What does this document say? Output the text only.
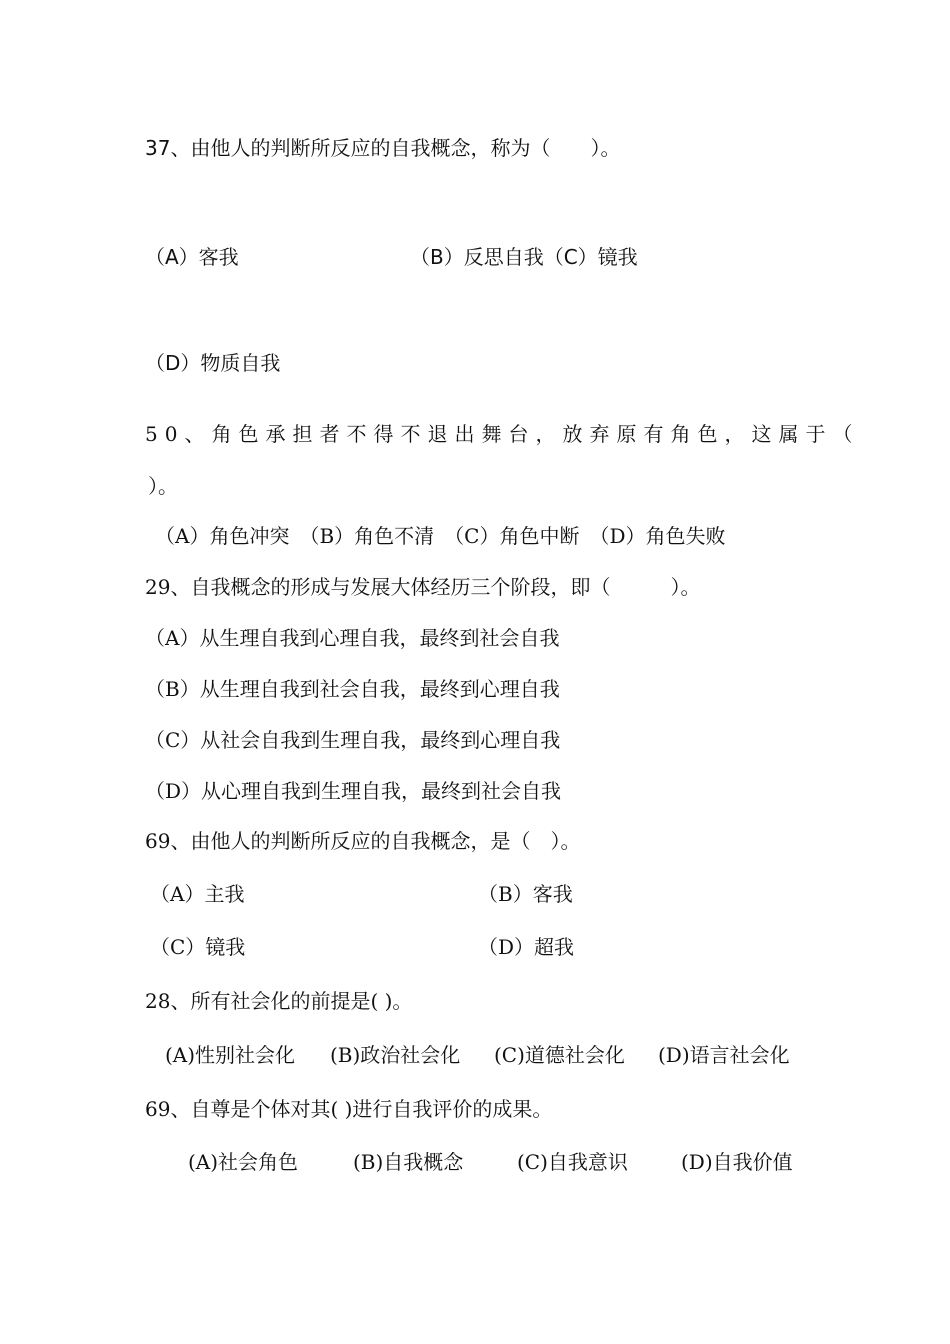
37、由他人的判断所反应的自我概念，称为（　　）。
（A）客我	（B）反思自我（C）镜我
（D）物质自我
50、角色承担者不得不退出舞台，放弃原有角色，这属于（
）。
（A）角色冲突　（B）角色不清　（C）角色中断　（D）角色失败
29、自我概念的形成与发展大体经历三个阶段，即（　　　）。
（A）从生理自我到心理自我，最终到社会自我
（B）从生理自我到社会自我，最终到心理自我
（C）从社会自我到生理自我，最终到心理自我
（D）从心理自我到生理自我，最终到社会自我
69、由他人的判断所反应的自我概念，是（　）。
（A）主我	（B）客我
（C）镜我	（D）超我
28、所有社会化的前提是( )。
(A)性别社会化 (B)政治社会化 (C)道德社会化 (D)语言社会化
69、自尊是个体对其( )进行自我评价的成果。
(A)社会角色	(B)自我概念	(C)自我意识	(D)自我价值
